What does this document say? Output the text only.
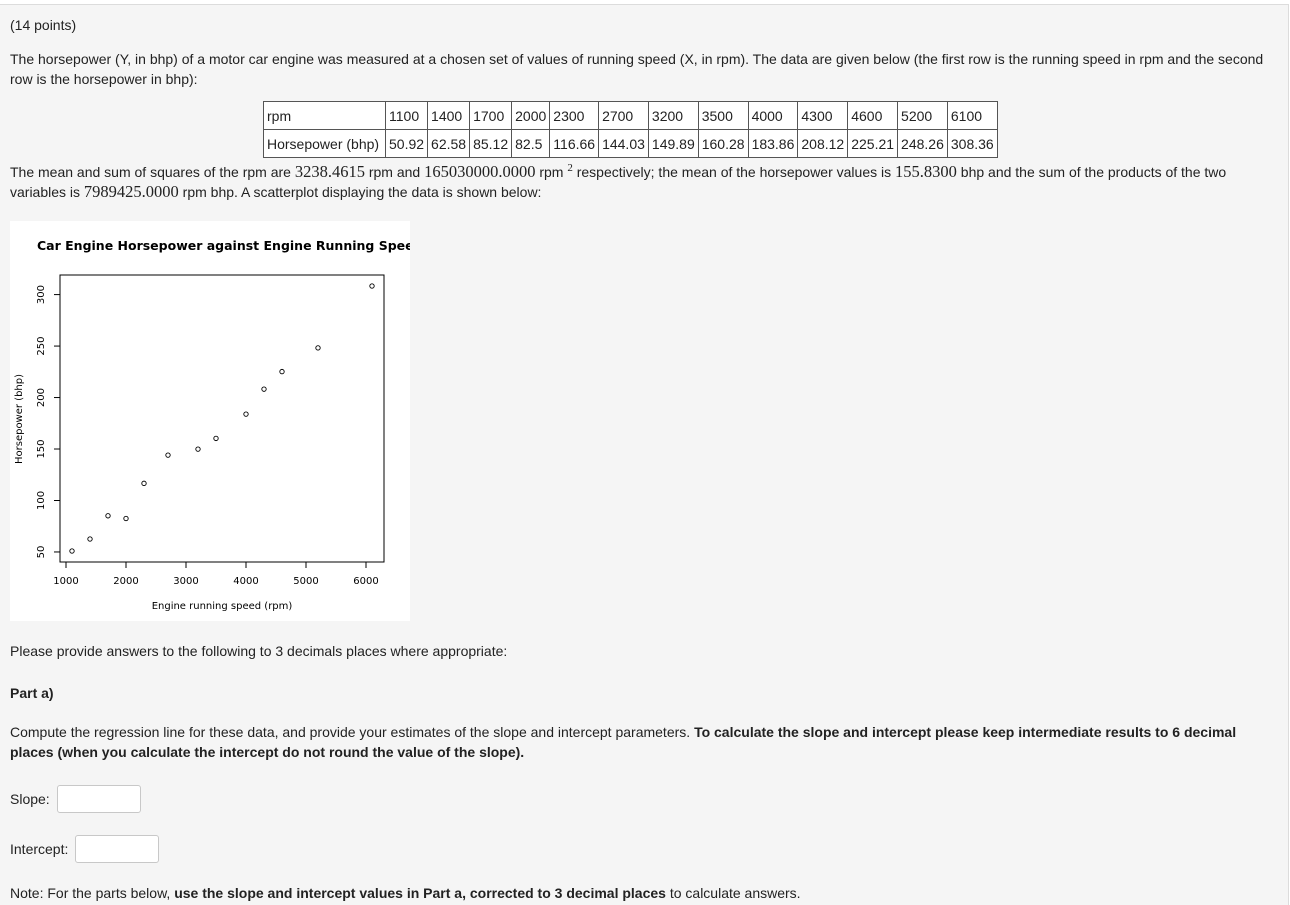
(14 points)
The horsepower (Y, in bhp) of a motor car engine was measured at a chosen set of values of running speed (X, in rpm). The data are given below (the first row is the running speed in rpm and the second row is the horsepower in bhp):
rpm	1100	1400	1700	2000	2300	2700	3200	3500	4000	4300	4600	5200	6100
Horsepower (bhp)	50.92	62.58	85.12	82.5	116.66	144.03	149.89	160.28	183.86	208.12	225.21	248.26	308.36
The mean and sum of squares of the rpm are 3238.4615 rpm and 165030000.0000 rpm $^2$ respectively; the mean of the horsepower values is 155.8300 bhp and the sum of the products of the two variables is 7989425.0000 rpm bhp. A scatterplot displaying the data is shown below:
Car Engine Horsepower against Engine Running Speed
1000	2000	3000	4000	5000	6000
50
100
150
200
250
300
Engine running speed (rpm)
Horsepower (bhp)
Please provide answers to the following to 3 decimals places where appropriate:
Part a)
Compute the regression line for these data, and provide your estimates of the slope and intercept parameters. To calculate the slope and intercept please keep intermediate results to 6 decimal places (when you calculate the intercept do not round the value of the slope).
Slope:
Intercept:
Note: For the parts below, use the slope and intercept values in Part a, corrected to 3 decimal places to calculate answers.
